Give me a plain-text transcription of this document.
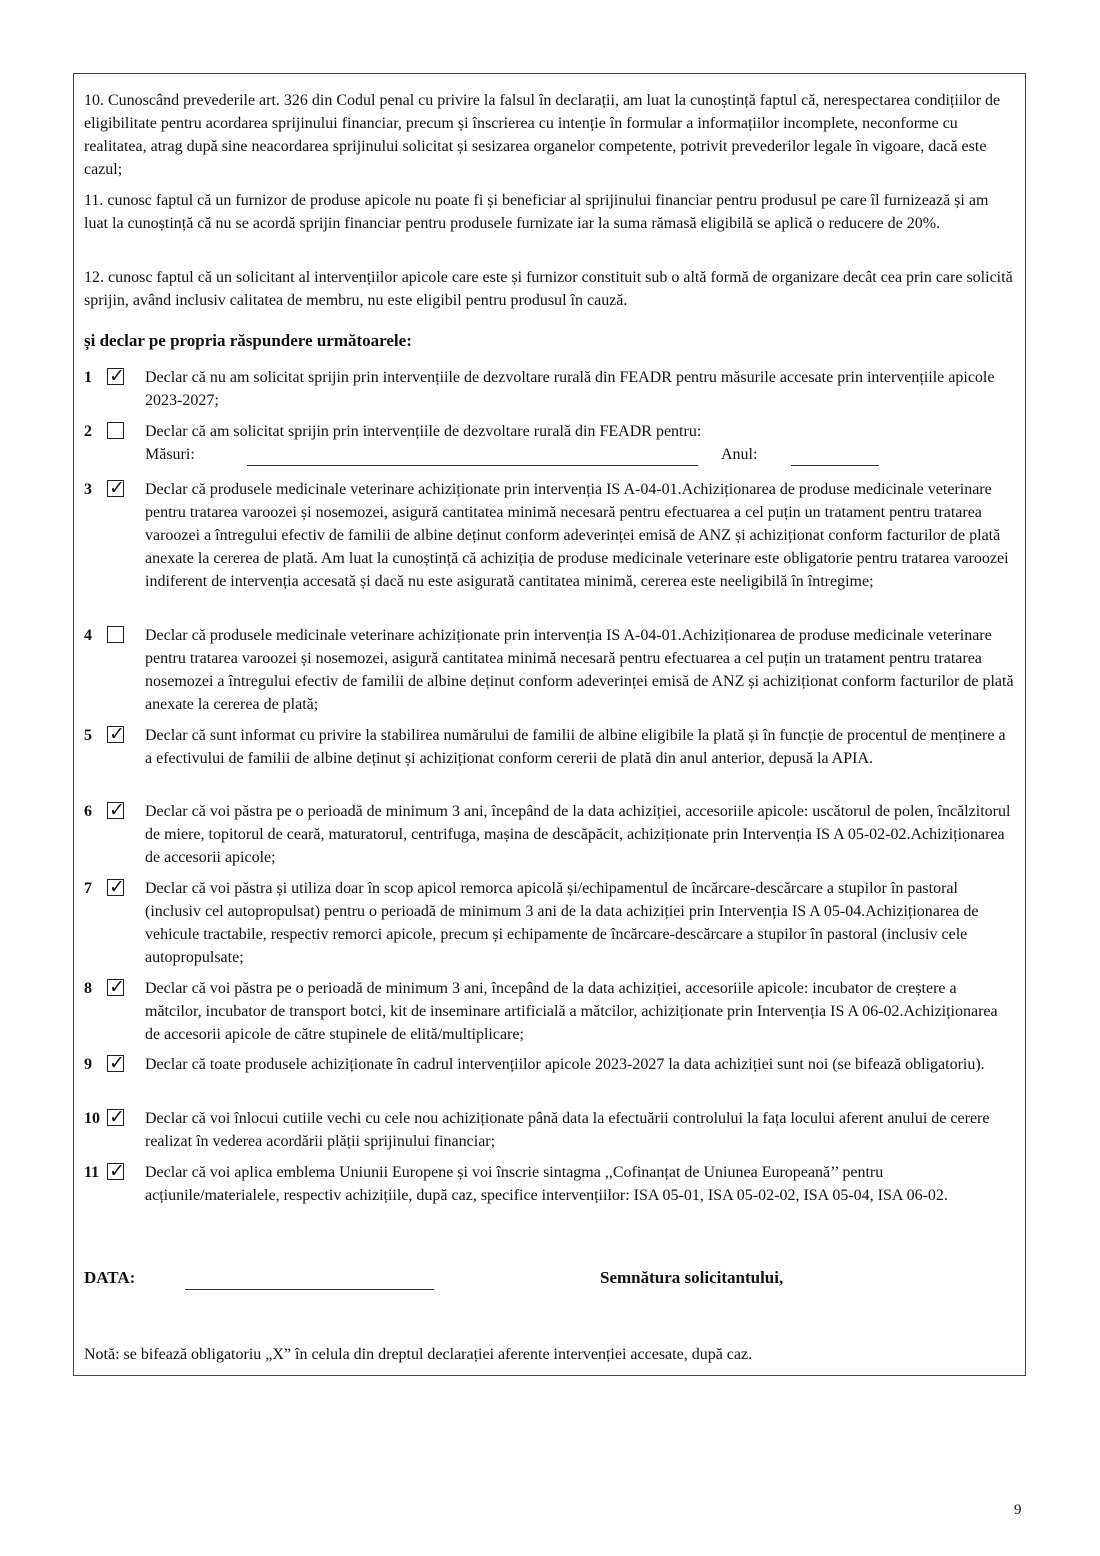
10. Cunoscând prevederile art. 326 din Codul penal cu privire la falsul în declarații, am luat la cunoștință faptul că, nerespectarea condițiilor de eligibilitate pentru acordarea sprijinului financiar, precum și înscrierea cu intenție în formular a informațiilor incomplete, neconforme cu realitatea, atrag după sine neacordarea sprijinului solicitat și sesizarea organelor competente, potrivit prevederilor legale în vigoare, dacă este cazul;

11. cunosc faptul că un furnizor de produse apicole nu poate fi și beneficiar al sprijinului financiar pentru produsul pe care îl furnizează și am luat la cunoștință că nu se acordă sprijin financiar pentru produsele furnizate iar la suma rămasă eligibilă se aplică o reducere de 20%.

12. cunosc faptul că un solicitant al intervențiilor apicole care este și furnizor constituit sub o altă formă de organizare decât cea prin care solicită sprijin, având inclusiv calitatea de membru, nu este eligibil pentru produsul în cauză.

și declar pe propria răspundere următoarele:
1 ✓ Declar că nu am solicitat sprijin prin intervențiile de dezvoltare rurală din FEADR pentru măsurile accesate prin intervențiile apicole 2023-2027;
2	Declar că am solicitat sprijin prin intervențiile de dezvoltare rurală din FEADR pentru:
Măsuri:	Anul:
3 ✓ Declar că produsele medicinale veterinare achiziționate prin intervenția IS A-04-01.Achiziționarea de produse medicinale veterinare pentru tratarea varoozei și nosemozei, asigură cantitatea minimă necesară pentru efectuarea a cel puțin un tratament pentru tratarea varoozei a întregului efectiv de familii de albine deținut conform adeverinței emisă de ANZ și achiziționat conform facturilor de plată anexate la cererea de plată. Am luat la cunoștință că achiziția de produse medicinale veterinare este obligatorie pentru tratarea varoozei indiferent de intervenția accesată și dacă nu este asigurată cantitatea minimă, cererea este neeligibilă în întregime;
4	Declar că produsele medicinale veterinare achiziționate prin intervenția IS A-04-01.Achiziționarea de produse medicinale veterinare pentru tratarea varoozei și nosemozei, asigură cantitatea minimă necesară pentru efectuarea a cel puțin un tratament pentru tratarea nosemozei a întregului efectiv de familii de albine deținut conform adeverinței emisă de ANZ și achiziționat conform facturilor de plată anexate la cererea de plată;
5 ✓ Declar că sunt informat cu privire la stabilirea numărului de familii de albine eligibile la plată și în funcție de procentul de menținere a a efectivului de familii de albine deținut și achiziționat conform cererii de plată din anul anterior, depusă la APIA.
6 ✓ Declar că voi păstra pe o perioadă de minimum 3 ani, începând de la data achiziției, accesoriile apicole: uscătorul de polen, încălzitorul de miere, topitorul de ceară, maturatorul, centrifuga, mașina de descăpăcit, achiziționate prin Intervenția IS A 05-02-02.Achiziționarea de accesorii apicole;
7 ✓ Declar că voi păstra și utiliza doar în scop apicol remorca apicolă și/echipamentul de încărcare-descărcare a stupilor în pastoral (inclusiv cel autopropulsat) pentru o perioadă de minimum 3 ani de la data achiziției prin Intervenția IS A 05-04.Achiziționarea de vehicule tractabile, respectiv remorci apicole, precum și echipamente de încărcare-descărcare a stupilor în pastoral (inclusiv cele autopropulsate;
8 ✓ Declar că voi păstra pe o perioadă de minimum 3 ani, începând de la data achiziției, accesoriile apicole: incubator de creștere a mătcilor, incubator de transport botci, kit de inseminare artificială a mătcilor, achiziționate prin Intervenția IS A 06-02.Achiziționarea de accesorii apicole de către stupinele de elită/multiplicare;
9 ✓ Declar că toate produsele achiziționate în cadrul intervențiilor apicole 2023-2027 la data achiziției sunt noi (se bifează obligatoriu).
10 ✓ Declar că voi înlocui cutiile vechi cu cele nou achiziționate până data la efectuării controlului la fața locului aferent anului de cerere realizat în vederea acordării plății sprijinului financiar;
11 ✓ Declar că voi aplica emblema Uniunii Europene și voi înscrie sintagma ,,Cofinanțat de Uniunea Europeană’’ pentru acțiunile/materialele, respectiv achizițiile, după caz, specifice intervențiilor: ISA 05-01, ISA 05-02-02, ISA 05-04, ISA 06-02.
DATA:	Semnătura solicitantului,
Notă: se bifează obligatoriu „X” în celula din dreptul declarației aferente intervenției accesate, după caz.
9
